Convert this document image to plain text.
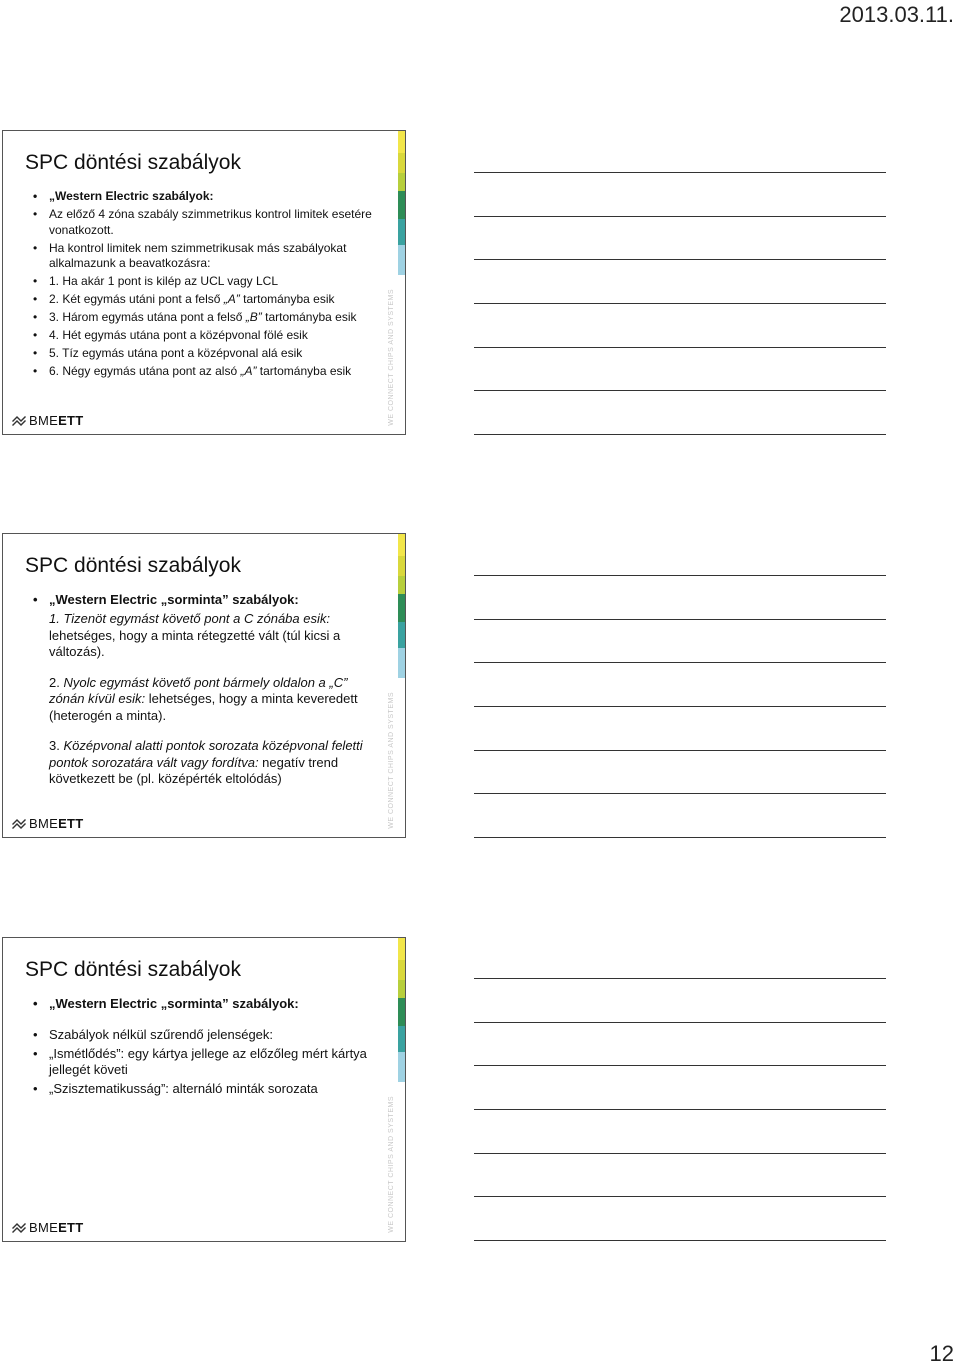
2013.03.11.
WE CONNECT CHIPS AND SYSTEMS
SPC döntési szabályok
• „Western Electric szabályok:
• Az előző 4 zóna szabály szimmetrikus kontrol limitek esetére vonatkozott.
• Ha kontrol limitek nem szimmetrikusak más szabályokat alkalmazunk a beavatkozásra:
• 1. Ha akár 1 pont is kilép az UCL vagy LCL
• 2. Két egymás utáni pont a felső „A” tartományba esik
• 3. Három egymás utána pont a felső „B” tartományba esik
• 4. Hét egymás utána pont a középvonal fölé esik
• 5. Tíz egymás utána pont a középvonal alá esik
• 6. Négy egymás utána pont az alsó „A” tartományba esik
BMEETT
WE CONNECT CHIPS AND SYSTEMS
SPC döntési szabályok
• „Western Electric „sorminta” szabályok:
1. Tizenöt egymást követő pont a C zónába esik: lehetséges, hogy a minta rétegzetté vált (túl kicsi a változás).
2. Nyolc egymást követő pont bármely oldalon a „C” zónán kívül esik: lehetséges, hogy a minta keveredett (heterogén a minta).
3. Középvonal alatti pontok sorozata középvonal feletti pontok sorozatára vált vagy fordítva: negatív trend következett be (pl. középérték eltolódás)
BMEETT
WE CONNECT CHIPS AND SYSTEMS
SPC döntési szabályok
• „Western Electric „sorminta” szabályok:
• Szabályok nélkül szűrendő jelenségek:
• „Ismétlődés”: egy kártya jellege az előzőleg mért kártya jellegét követi
• „Szisztematikusság”: alternáló minták sorozata
BMEETT
12
